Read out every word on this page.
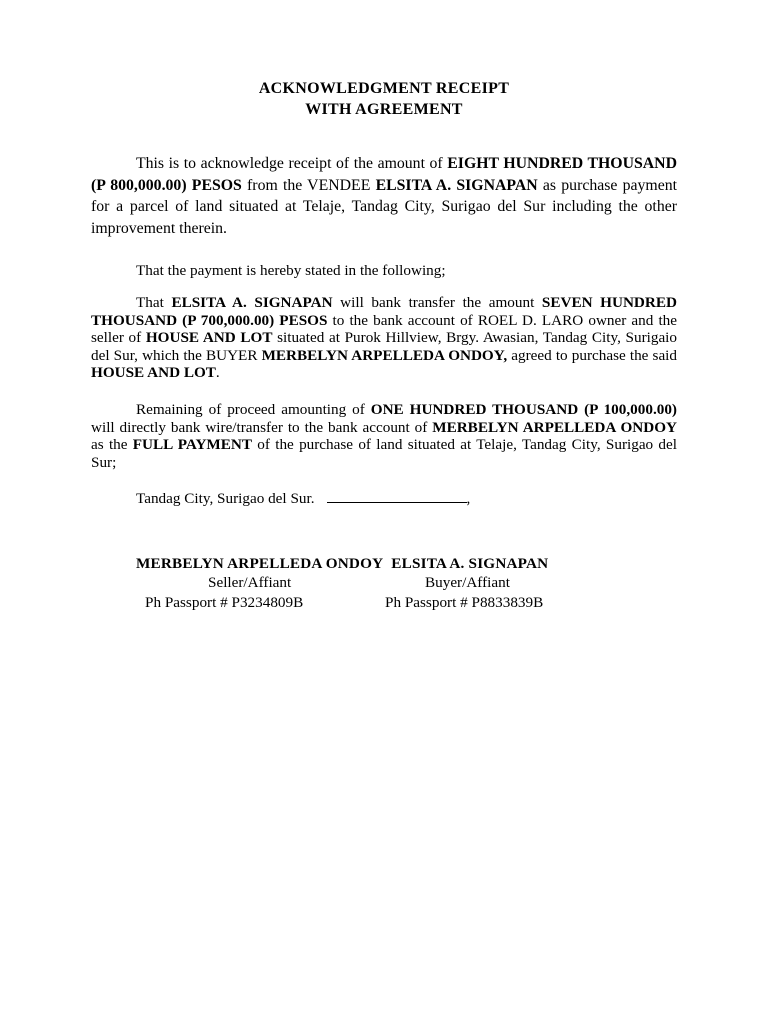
ACKNOWLEDGMENT RECEIPT
WITH AGREEMENT
This is to acknowledge receipt of the amount of EIGHT HUNDRED THOUSAND (P 800,000.00) PESOS from the VENDEE ELSITA A. SIGNAPAN as purchase payment for a parcel of land situated at Telaje, Tandag City, Surigao del Sur including the other improvement therein.
That the payment is hereby stated in the following;
That ELSITA A. SIGNAPAN will bank transfer the amount SEVEN HUNDRED THOUSAND (P 700,000.00) PESOS to the bank account of ROEL D. LARO owner and the seller of HOUSE AND LOT situated at Purok Hillview, Brgy. Awasian, Tandag City, Surigaio del Sur, which the BUYER MERBELYN ARPELLEDA ONDOY, agreed to purchase the said HOUSE AND LOT.
Remaining of proceed amounting of ONE HUNDRED THOUSAND (P 100,000.00) will directly bank wire/transfer to the bank account of MERBELYN ARPELLEDA ONDOY as the FULL PAYMENT of the purchase of land situated at Telaje, Tandag City, Surigao del Sur;
Tandag City, Surigao del Sur.	,
MERBELYN ARPELLEDA ONDOY ELSITA A. SIGNAPAN
Seller/Affiant	Buyer/Affiant
Ph Passport # P3234809B	Ph Passport # P8833839B
